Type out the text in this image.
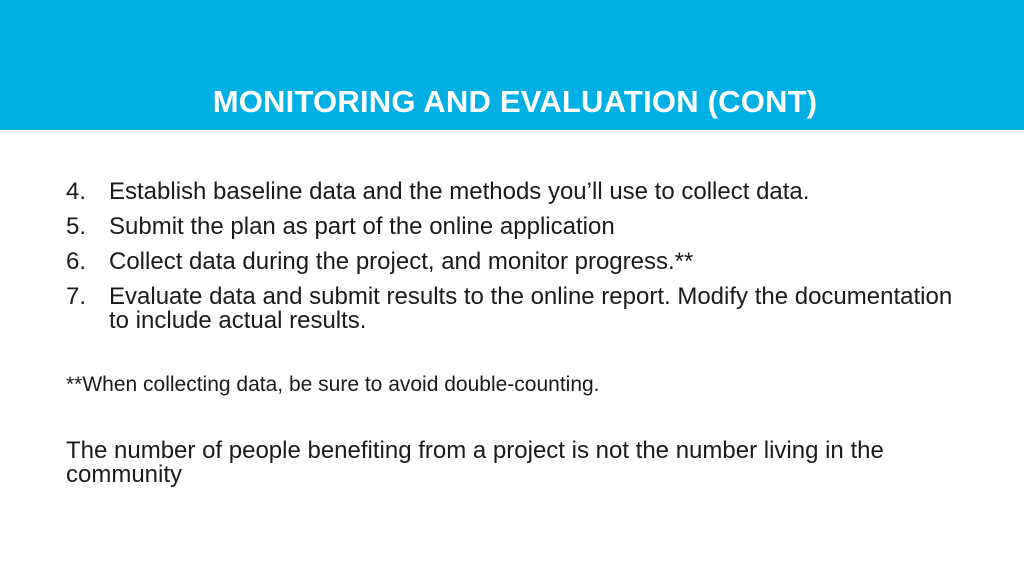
MONITORING AND EVALUATION (CONT)
4. Establish baseline data and the methods you’ll use to collect data.
5. Submit the plan as part of the online application
6. Collect data during the project, and monitor progress.**
7. Evaluate data and submit results to the online report. Modify the documentation to include actual results.
**When collecting data, be sure to avoid double-counting.
The number of people benefiting from a project is not the number living in the community
